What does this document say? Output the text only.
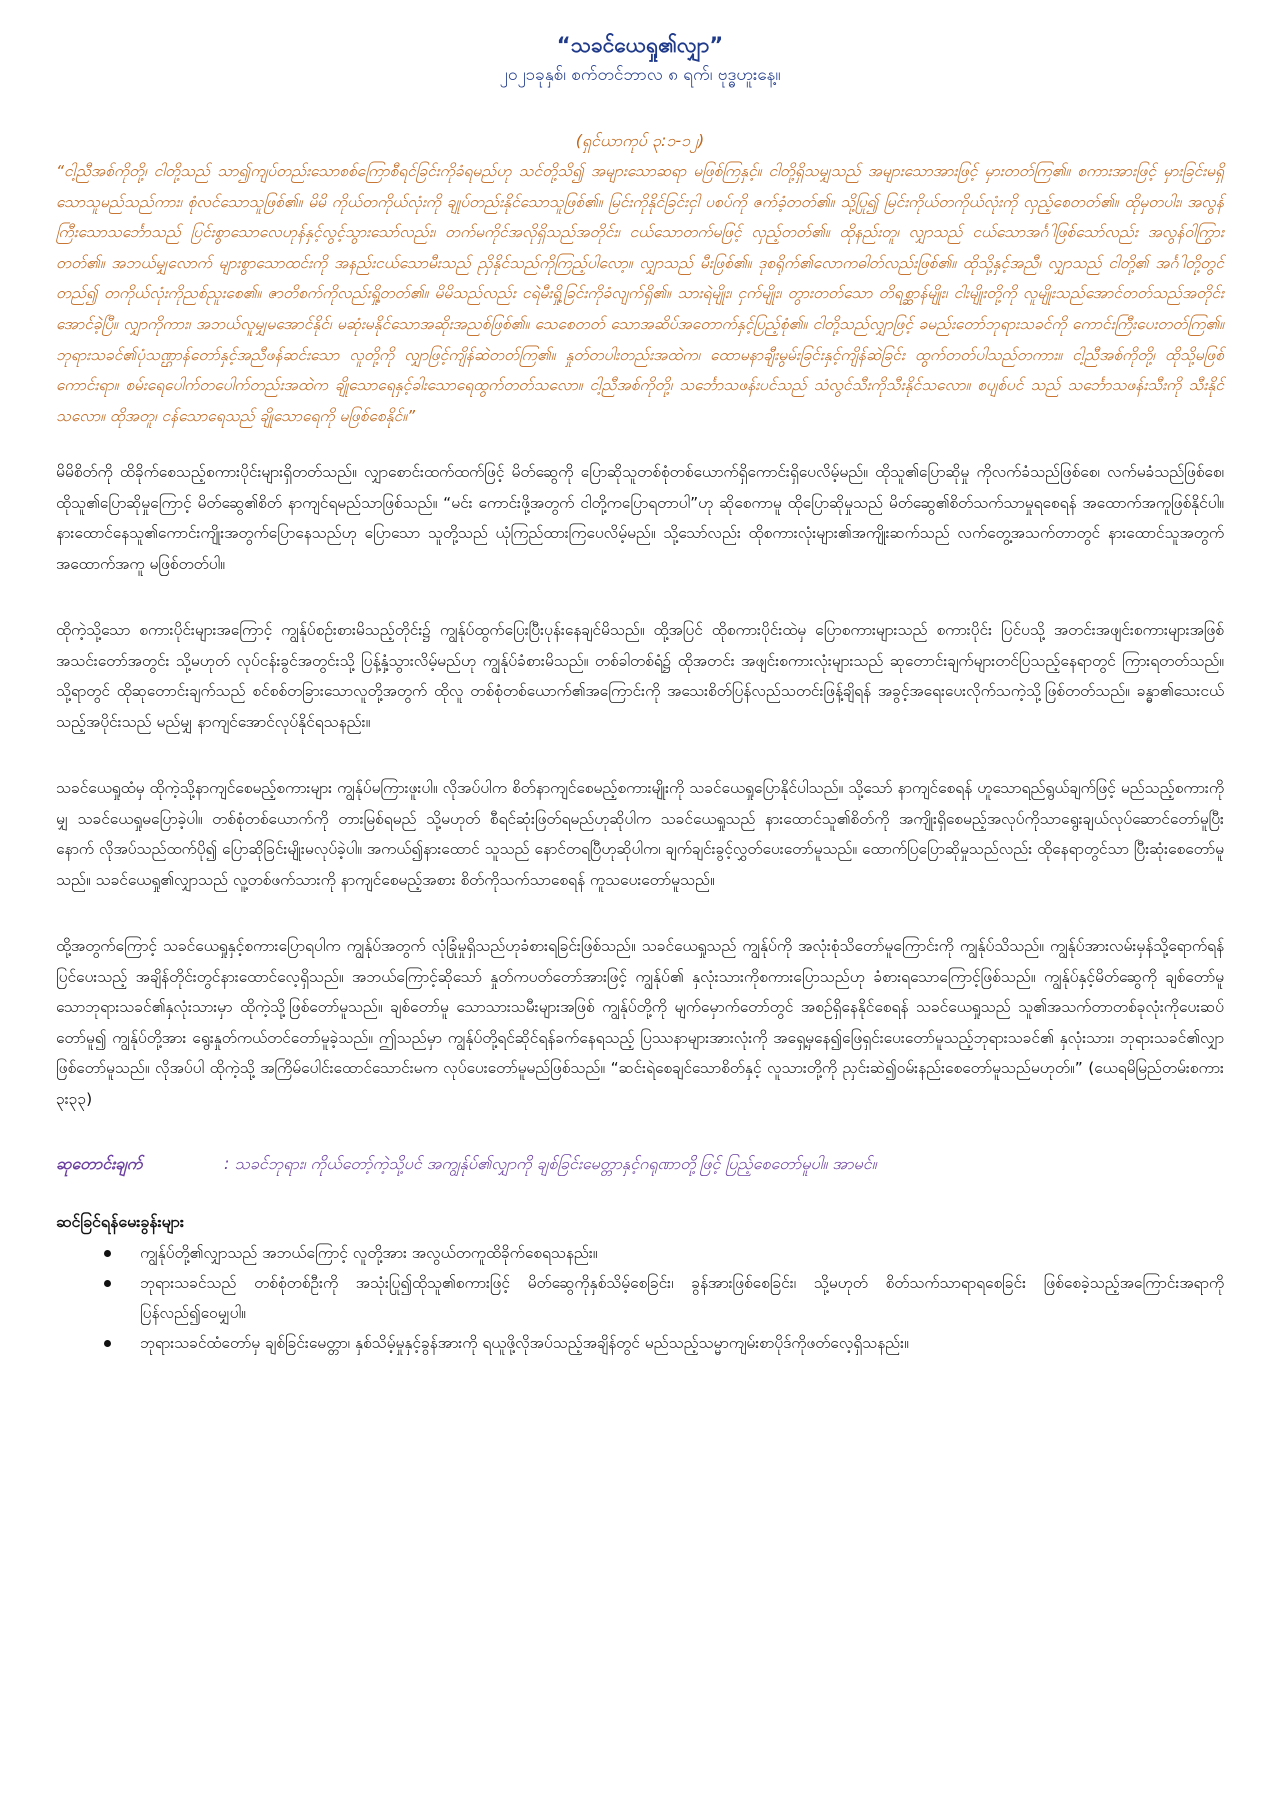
“သခင်ယေရှု၏လျှာ”
၂၀၂၁ခုနှစ်၊ စက်တင်ဘာလ ၈ ရက်၊ ဗုဒ္ဓဟူးနေ့။
(ရှင်ယာကုပ် ၃:၁-၁၂)
“ငါ့ညီအစ်ကိုတို့၊ ငါတို့သည် သာ၍ကျပ်တည်းသောစစ်ကြောစီရင်ခြင်းကိုခံရမည်ဟု သင်တို့သိ၍ အများသောဆရာ မဖြစ်ကြနှင့်။ ငါတို့ရှိသမျှသည် အများသောအားဖြင့် မှားတတ်ကြ၏။ စကားအားဖြင့် မှားခြင်းမရှိသောသူမည်သည်ကား၊ စုံလင်သောသူဖြစ်၏။ မိမိ ကိုယ်တကိုယ်လုံးကို ချုပ်တည်းနိုင်သောသူဖြစ်၏။ မြင်းကိုနိုင်ခြင်းငှါ ပစပ်ကို ဇက်ခံ့တတ်၏။ သို့ပြု၍ မြင်းကိုယ်တကိုယ်လုံးကို လှည့်စေတတ်၏။ ထိုမှတပါး၊ အလွန်ကြီးသောသင်္ဘောသည် ပြင်းစွာသောလေဟုန်နှင့်လွင့်သွားသော်လည်း၊ တက်မကိုင်အလိုရှိသည်အတိုင်း၊ ငယ်သောတက်မဖြင့် လှည့်တတ်၏။ ထိုနည်းတူ၊ လျှာသည် ငယ်သောအင်္ဂါဖြစ်သော်လည်း အလွန်ဝါကြွားတတ်၏။ အဘယ်မျှလောက် များစွာသောထင်းကို အနည်းငယ်သောမီးသည် ညှိနိုင်သည်ကိုကြည့်ပါလော့။ လျှာသည် မီးဖြစ်၏။ ဒုစရိုက်၏လောကဓါတ်လည်းဖြစ်၏။ ထိုသို့နှင့်အညီ၊ လျှာသည် ငါတို့၏ အင်္ဂါတို့တွင်တည်၍ တကိုယ်လုံးကိုညစ်ညူးစေ၏။ ဇာတိစက်ကိုလည်းရှို့တတ်၏။ မိမိသည်လည်း ငရဲမီးရှို့ခြင်းကိုခံလျက်ရှိ၏။ သားရဲမျိုး၊ ငှက်မျိုး၊ တွားတတ်သော တိရစ္ဆာန်မျိုး၊ ငါးမျိုးတို့ကို လူမျိုးသည်အောင်တတ်သည်အတိုင်းအောင်ခဲ့ပြီ။ လျှာကိုကား၊ အဘယ်လူမျှမအောင်နိုင်၊ မဆုံးမနိုင်သောအဆိုးအညစ်ဖြစ်၏။ သေစေတတ် သောအဆိပ်အတောက်နှင့်ပြည့်စုံ၏။ ငါတို့သည်လျှာဖြင့် ခမည်းတော်ဘုရားသခင်ကို ကောင်းကြီးပေးတတ်ကြ၏။ ဘုရားသခင်၏ပုံသဏ္ဌာန်တော်နှင့်အညီဖန်ဆင်းသော လူတို့ကို လျှာဖြင့်ကျိန်ဆဲတတ်ကြ၏။ နှုတ်တပါးတည်းအထဲက၊ ထောမနာချီးမွမ်းခြင်းနှင့်ကျိန်ဆဲခြင်း ထွက်တတ်ပါသည်တကား။ ငါ့ညီအစ်ကိုတို့၊ ထိုသို့မဖြစ်ကောင်းရာ။ စမ်းရေပေါက်တပေါက်တည်းအထဲက ချိုသောရေနှင့်ခါးသောရေထွက်တတ်သလော။ ငါ့ညီအစ်ကိုတို့၊ သင်္ဘောသဖန်းပင်သည် သံလွင်သီးကိုသီးနိုင်သလော။ စပျစ်ပင် သည် သင်္ဘောသဖန်းသီးကို သီးနိုင်သလော။ ထိုအတူ၊ ငန်သောရေသည် ချိုသောရေကို မဖြစ်စေနိုင်။”
မိမိစိတ်ကို ထိခိုက်စေသည့်စကားပိုင်းများရှိတတ်သည်။ လျှာစောင်းထက်ထက်ဖြင့် မိတ်ဆွေကို ပြောဆိုသူတစ်စုံတစ်ယောက်ရှိကောင်းရှိပေလိမ့်မည်။ ထိုသူ၏ပြောဆိုမှု ကိုလက်ခံသည်ဖြစ်စေ၊ လက်မခံသည်ဖြစ်စေ၊ ထိုသူ၏ပြောဆိုမှုကြောင့် မိတ်ဆွေ၏စိတ် နာကျင်ရမည်သာဖြစ်သည်။ “မင်း ကောင်းဖို့အတွက် ငါတို့ကပြောရတာပါ”ဟု ဆိုစေကာမူ ထိုပြောဆိုမှုသည် မိတ်ဆွေ၏စိတ်သက်သာမှုရစေရန် အထောက်အကူဖြစ်နိုင်ပါ။ နားထောင်နေသူ၏ကောင်းကျိုးအတွက်ပြောနေသည်ဟု ပြောသော သူတို့သည် ယုံကြည်ထားကြပေလိမ့်မည်။ သို့သော်လည်း ထိုစကားလုံးများ၏အကျိုးဆက်သည် လက်တွေ့အသက်တာတွင် နားထောင်သူအတွက် အထောက်အကူ မဖြစ်တတ်ပါ။
ထိုကဲ့သို့သော စကားပိုင်းများအကြောင့် ကျွန်ုပ်စဉ်းစားမိသည့်တိုင်း၌ ကျွန်ုပ်ထွက်ပြေးပြီးပုန်းနေချင်မိသည်။ ထို့အပြင် ထိုစကားပိုင်းထဲမှ ပြောစကားများသည် စကားပိုင်း ပြင်ပသို့ အတင်းအဖျင်းစကားများအဖြစ် အသင်းတော်အတွင်း သို့မဟုတ် လုပ်ငန်းခွင်အတွင်းသို့ ပြန့်နှံ့သွားလိမ့်မည်ဟု ကျွန်ုပ်ခံစားမိသည်။ တစ်ခါတစ်ရံ၌ ထိုအတင်း အဖျင်းစကားလုံးများသည် ဆုတောင်းချက်များတင်ပြသည့်နေရာတွင် ကြားရတတ်သည်။ သို့ရာတွင် ထိုဆုတောင်းချက်သည် စင်စစ်တခြားသောလူတို့အတွက် ထိုလူ တစ်စုံတစ်ယောက်၏အကြောင်းကို အသေးစိတ်ပြန်လည်သတင်းဖြန့်ချိရန် အခွင့်အရေးပေးလိုက်သကဲ့သို့ဖြစ်တတ်သည်။ ခန္ဓာ၏သေးငယ်သည့်အပိုင်းသည် မည်မျှ နာကျင်အောင်လုပ်နိုင်ရသနည်း။
သခင်ယေရှုထံမှ ထိုကဲ့သို့နာကျင်စေမည့်စကားများ ကျွန်ုပ်မကြားဖူးပါ။ လိုအပ်ပါက စိတ်နာကျင်စေမည့်စကားမျိုးကို သခင်ယေရှုပြောနိုင်ပါသည်။ သို့သော် နာကျင်စေရန် ဟူသောရည်ရွယ်ချက်ဖြင့် မည်သည့်စကားကိုမျှ သခင်ယေရှုမပြောခဲ့ပါ။ တစ်စုံတစ်ယောက်ကို တားမြစ်ရမည် သို့မဟုတ် စီရင်ဆုံးဖြတ်ရမည်ဟုဆိုပါက သခင်ယေရှုသည် နားထောင်သူ၏စိတ်ကို အကျိုးရှိစေမည့်အလုပ်ကိုသာရွေးချယ်လုပ်ဆောင်တော်မူပြီးနောက် လိုအပ်သည်ထက်ပို၍ ပြောဆိုခြင်းမျိုးမလုပ်ခဲ့ပါ။ အကယ်၍နားထောင် သူသည် နောင်တရပြီဟုဆိုပါက၊ ချက်ချင်းခွင့်လွှတ်ပေးတော်မူသည်။ ထောက်ပြပြောဆိုမှုသည်လည်း ထိုနေရာတွင်သာ ပြီးဆုံးစေတော်မူသည်။ သခင်ယေရှု၏လျှာသည် လူ့တစ်ဖက်သားကို နာကျင်စေမည့်အစား စိတ်ကိုသက်သာစေရန် ကူသပေးတော်မူသည်။
ထို့အတွက်ကြောင့် သခင်ယေရှုနှင့်စကားပြောရပါက ကျွန်ုပ်အတွက် လုံခြုံမှုရှိသည်ဟုခံစားရခြင်းဖြစ်သည်။ သခင်ယေရှုသည် ကျွန်ုပ်ကို အလုံးစုံသိတော်မူကြောင်းကို ကျွန်ုပ်သိသည်။ ကျွန်ုပ်အားလမ်းမှန်သို့ရောက်ရန်ပြင်ပေးသည့် အချိန်တိုင်းတွင်နားထောင်လေ့ရှိသည်။ အဘယ်ကြောင့်ဆိုသော် နှုတ်ကပတ်တော်အားဖြင့် ကျွန်ုပ်၏ နှလုံးသားကိုစကားပြောသည်ဟု ခံစားရသောကြောင့်ဖြစ်သည်။ ကျွန်ုပ်နှင့်မိတ်ဆွေကို ချစ်တော်မူသောဘုရားသခင်၏နှလုံးသားမှာ ထိုကဲ့သို့ဖြစ်တော်မူသည်။ ချစ်တော်မူ သောသားသမီးများအဖြစ် ကျွန်ုပ်တို့ကို မျက်မှောက်တော်တွင် အစဉ်ရှိနေနိုင်စေရန် သခင်ယေရှုသည် သူ၏အသက်တာတစ်ခုလုံးကိုပေးဆပ်တော်မူ၍ ကျွန်ုပ်တို့အား ရွေးနှုတ်ကယ်တင်တော်မူခဲ့သည်။ ဤသည်မှာ ကျွန်ုပ်တို့ရင်ဆိုင်ရန်ခက်နေရသည့် ပြဿနာများအားလုံးကို အရှေ့မှနေ၍ဖြေရှင်းပေးတော်မူသည့်ဘုရားသခင်၏ နှလုံးသား၊ ဘုရားသခင်၏လျှာဖြစ်တော်မူသည်။ လိုအပ်ပါ ထိုကဲ့သို့ အကြိမ်ပေါင်းထောင်သောင်းမက လုပ်ပေးတော်မူမည်ဖြစ်သည်။ “ဆင်းရဲစေချင်သောစိတ်နှင့် လူသားတို့ကို ညှင်းဆဲ၍ဝမ်းနည်းစေတော်မူသည်မဟုတ်။” (ယေရမိမြည်တမ်းစကား ၃း၃၃)
ဆုတောင်းချက်	: သခင်ဘုရား၊ ကိုယ်တော့်ကဲ့သို့ပင် အကျွန်ုပ်၏လျှာကို ချစ်ခြင်းမေတ္တာနှင့်ဂရုဏာတို့ဖြင့် ပြည့်စေတော်မူပါ။ အာမင်။
ဆင်ခြင်ရန်မေးခွန်းများ
ကျွန်ုပ်တို့၏လျှာသည် အဘယ်ကြောင့် လူတို့အား အလွယ်တကူထိခိုက်စေရသနည်း။
ဘုရားသခင်သည် တစ်စုံတစ်ဦးကို အသုံးပြု၍ထိုသူ၏စကားဖြင့် မိတ်ဆွေကိုနှစ်သိမ့်စေခြင်း၊ ခွန်အားဖြစ်စေခြင်း၊ သို့မဟုတ် စိတ်သက်သာရာရစေခြင်း ဖြစ်စေခဲ့သည့်အကြောင်းအရာကို ပြန်လည်၍ဝေမျှပါ။
ဘုရားသခင်ထံတော်မှ ချစ်ခြင်းမေတ္တာ၊ နှစ်သိမ့်မှုနှင့်ခွန်အားကို ရယူဖို့လိုအပ်သည့်အချိန်တွင် မည်သည့်သမ္မာကျမ်းစာပိုဒ်ကိုဖတ်လေ့ရှိသနည်း။
